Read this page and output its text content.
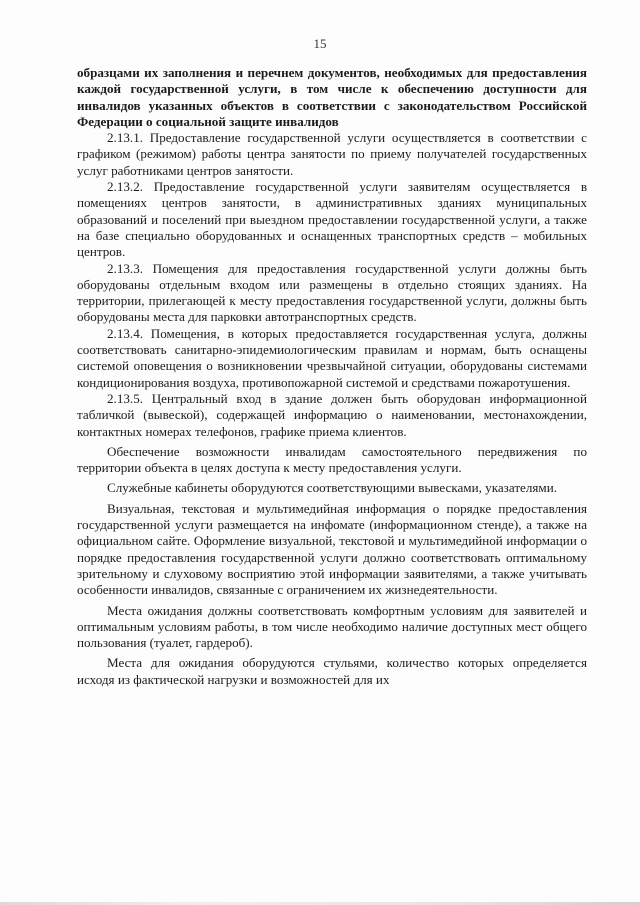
15

образцами их заполнения и перечнем документов, необходимых для предоставления каждой государственной услуги, в том числе к обеспечению доступности для инвалидов указанных объектов в соответствии с законодательством Российской Федерации о социальной защите инвалидов

2.13.1. Предоставление государственной услуги осуществляется в соответствии с графиком (режимом) работы центра занятости по приему получателей государственных услуг работниками центров занятости.

2.13.2. Предоставление государственной услуги заявителям осуществляется в помещениях центров занятости, в административных зданиях муниципальных образований и поселений при выездном предоставлении государственной услуги, а также на базе специально оборудованных и оснащенных транспортных средств – мобильных центров.

2.13.3. Помещения для предоставления государственной услуги должны быть оборудованы отдельным входом или размещены в отдельно стоящих зданиях. На территории, прилегающей к месту предоставления государственной услуги, должны быть оборудованы места для парковки автотранспортных средств.

2.13.4. Помещения, в которых предоставляется государственная услуга, должны соответствовать санитарно-эпидемиологическим правилам и нормам, быть оснащены системой оповещения о возникновении чрезвычайной ситуации, оборудованы системами кондиционирования воздуха, противопожарной системой и средствами пожаротушения.

2.13.5. Центральный вход в здание должен быть оборудован информационной табличкой (вывеской), содержащей информацию о наименовании, местонахождении, контактных номерах телефонов, графике приема клиентов.

Обеспечение возможности инвалидам самостоятельного передвижения по территории объекта в целях доступа к месту предоставления услуги.

Служебные кабинеты оборудуются соответствующими вывесками, указателями.

Визуальная, текстовая и мультимедийная информация о порядке предоставления государственной услуги размещается на инфомате (информационном стенде), а также на официальном сайте. Оформление визуальной, текстовой и мультимедийной информации о порядке предоставления государственной услуги должно соответствовать оптимальному зрительному и слуховому восприятию этой информации заявителями, а также учитывать особенности инвалидов, связанные с ограничением их жизнедеятельности.

Места ожидания должны соответствовать комфортным условиям для заявителей и оптимальным условиям работы, в том числе необходимо наличие доступных мест общего пользования (туалет, гардероб).

Места для ожидания оборудуются стульями, количество которых определяется исходя из фактической нагрузки и возможностей для их
